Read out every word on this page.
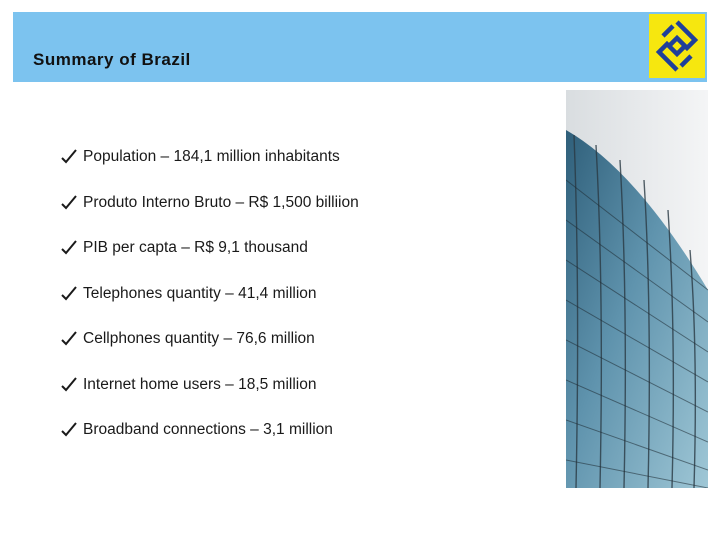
Summary of Brazil
Population – 184,1 million inhabitants
Produto Interno Bruto – R$ 1,500 billiion
PIB per capta – R$ 9,1 thousand
Telephones quantity – 41,4 million
Cellphones quantity – 76,6 million
Internet home users – 18,5 million
Broadband connections – 3,1 million
